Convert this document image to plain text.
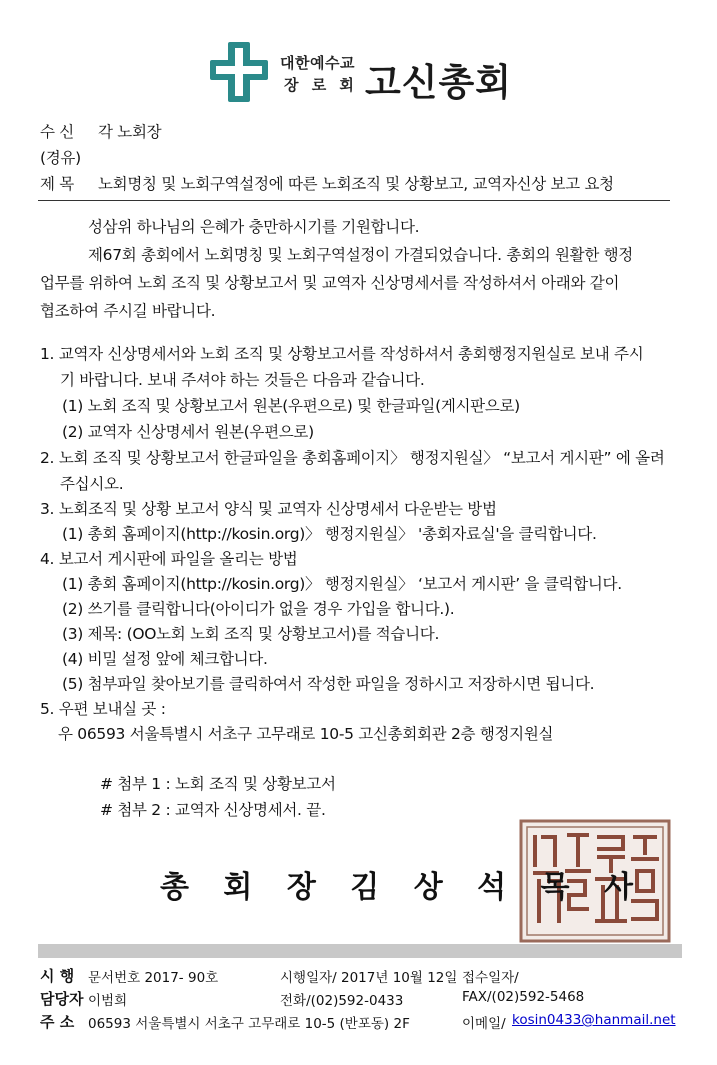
대한예수교
장 로 회 고신총회
수 신 각 노회장
(경유)
제 목 노회명칭 및 노회구역설정에 따른 노회조직 및 상황보고, 교역자신상 보고 요청
성삼위 하나님의 은혜가 충만하시기를 기원합니다.
제67회 총회에서 노회명칭 및 노회구역설정이 가결되었습니다. 총회의 원활한 행정
업무를 위하여 노회 조직 및 상황보고서 및 교역자 신상명세서를 작성하셔서 아래와 같이
협조하여 주시길 바랍니다.
1. 교역자 신상명세서와 노회 조직 및 상황보고서를 작성하셔서 총회행정지원실로 보내 주시
기 바랍니다. 보내 주셔야 하는 것들은 다음과 같습니다.
(1) 노회 조직 및 상황보고서 원본(우편으로) 및 한글파일(게시판으로)
(2) 교역자 신상명세서 원본(우편으로)
2. 노회 조직 및 상황보고서 한글파일을 총회홈페이지〉 행정지원실〉 “보고서 게시판” 에 올려
주십시오.
3. 노회조직 및 상황 보고서 양식 및 교역자 신상명세서 다운받는 방법
(1) 총회 홈페이지(http://kosin.org)〉 행정지원실〉 '총회자료실'을 클릭합니다.
4. 보고서 게시판에 파일을 올리는 방법
(1) 총회 홈페이지(http://kosin.org)〉 행정지원실〉 ‘보고서 게시판’ 을 클릭합니다.
(2) 쓰기를 클릭합니다(아이디가 없을 경우 가입을 합니다.).
(3) 제목: (OO노회 노회 조직 및 상황보고서)를 적습니다.
(4) 비밀 설정 앞에 체크합니다.
(5) 첨부파일 찾아보기를 클릭하여서 작성한 파일을 정하시고 저장하시면 됩니다.
5. 우편 보내실 곳 :
우 06593 서울특별시 서초구 고무래로 10-5 고신총회회관 2층 행정지원실
# 첨부 1 : 노회 조직 및 상황보고서
# 첨부 2 : 교역자 신상명세서. 끝.
총 회 장 김 상 석 목 사
시 행 문서번호 2017- 90호	시행일자/ 2017년 10월 12일 접수일자/
담당자 이범희	전화/(02)592-0433	FAX/(02)592-5468
주 소 06593 서울특별시 서초구 고무래로 10-5 (반포동) 2F	이메일/ kosin0433@hanmail.net
